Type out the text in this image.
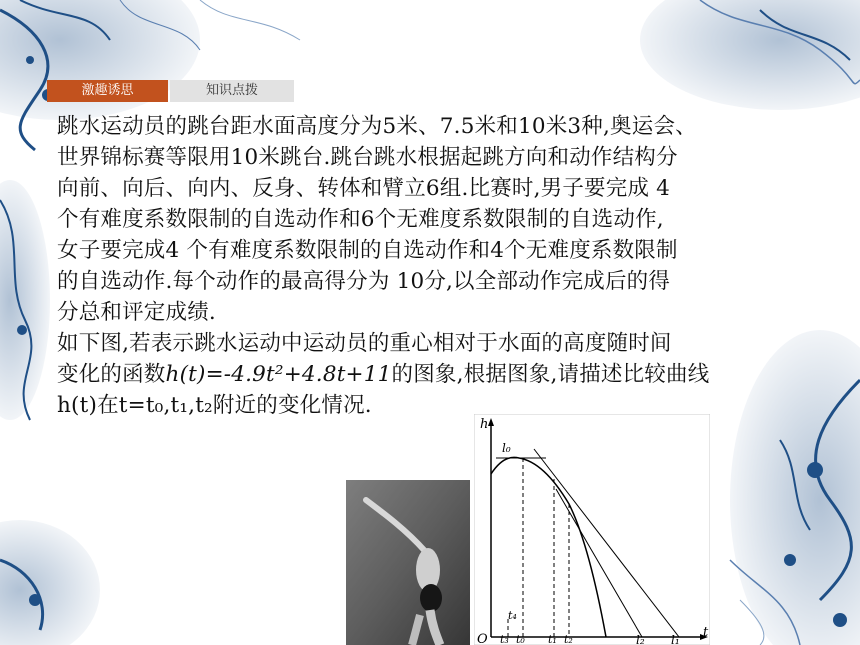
激趣诱思	知识点拨

跳水运动员的跳台距水面高度分为5米、7.5米和10米3种,奥运会、

世界锦标赛等限用10米跳台.跳台跳水根据起跳方向和动作结构分

向前、向后、向内、反身、转体和臂立6组.比赛时,男子要完成 4

个有难度系数限制的自选动作和6个无难度系数限制的自选动作,

女子要完成4 个有难度系数限制的自选动作和4个无难度系数限制

的自选动作.每个动作的最高得分为 10分,以全部动作完成后的得

分总和评定成绩.

如下图,若表示跳水运动中运动员的重心相对于水面的高度随时间

变化的函数h(t)=-4.9t²+4.8t+11的图象,根据图象,请描述比较曲线

h(t)在t=t₀,t₁,t₂附近的变化情况.

h
t
O
l₀
l₁
l₂
t₃ t₀
t₄
t₁ t₂
